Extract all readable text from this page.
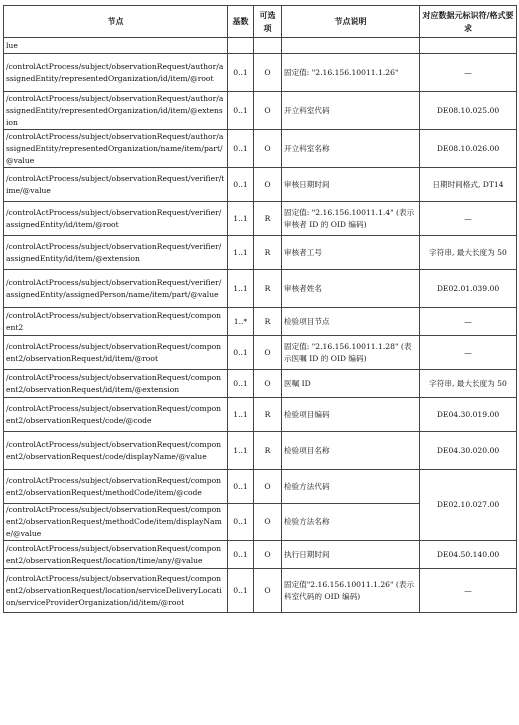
节点	基数	可选项	节点说明	对应数据元标识符/格式要求
lue				
/controlActProcess/subject/observationRequest/author/assignedEntity/representedOrganization/id/item/@root	0..1	O	固定值: "2.16.156.10011.1.26"	—
/controlActProcess/subject/observationRequest/author/assignedEntity/representedOrganization/id/item/@extension	0..1	O	开立科室代码	DE08.10.025.00
/controlActProcess/subject/observationRequest/author/assignedEntity/representedOrganization/name/item/part/@value	0..1	O	开立科室名称	DE08.10.026.00
/controlActProcess/subject/observationRequest/verifier/time/@value	0..1	O	审核日期时间	日期时间格式, DT14
/controlActProcess/subject/observationRequest/verifier/assignedEntity/id/item/@root	1..1	R	固定值: "2.16.156.10011.1.4" (表示审核者 ID 的 OID 编码)	—
/controlActProcess/subject/observationRequest/verifier/assignedEntity/id/item/@extension	1..1	R	审核者工号	字符串, 最大长度为 50
/controlActProcess/subject/observationRequest/verifier/assignedEntity/assignedPerson/name/item/part/@value	1..1	R	审核者姓名	DE02.01.039.00
/controlActProcess/subject/observationRequest/component2	1..*	R	检验项目节点	—
/controlActProcess/subject/observationRequest/component2/observationRequest/id/item/@root	0..1	O	固定值: "2.16.156.10011.1.28" (表示医嘱 ID 的 OID 编码)	—
/controlActProcess/subject/observationRequest/component2/observationRequest/id/item/@extension	0..1	O	医嘱 ID	字符串, 最大长度为 50
/controlActProcess/subject/observationRequest/component2/observationRequest/code/@code	1..1	R	检验项目编码	DE04.30.019.00
/controlActProcess/subject/observationRequest/component2/observationRequest/code/displayName/@value	1..1	R	检验项目名称	DE04.30.020.00
/controlActProcess/subject/observationRequest/component2/observationRequest/methodCode/item/@code	0..1	O	检验方法代码	DE02.10.027.00
/controlActProcess/subject/observationRequest/component2/observationRequest/methodCode/item/displayName/@value	0..1	O	检验方法名称	
/controlActProcess/subject/observationRequest/component2/observationRequest/location/time/any/@value	0..1	O	执行日期时间	DE04.50.140.00
/controlActProcess/subject/observationRequest/component2/observationRequest/location/serviceDeliveryLocation/serviceProviderOrganization/id/item/@root	0..1	O	固定值"2.16.156.10011.1.26" (表示科室代码的 OID 编码)	—
